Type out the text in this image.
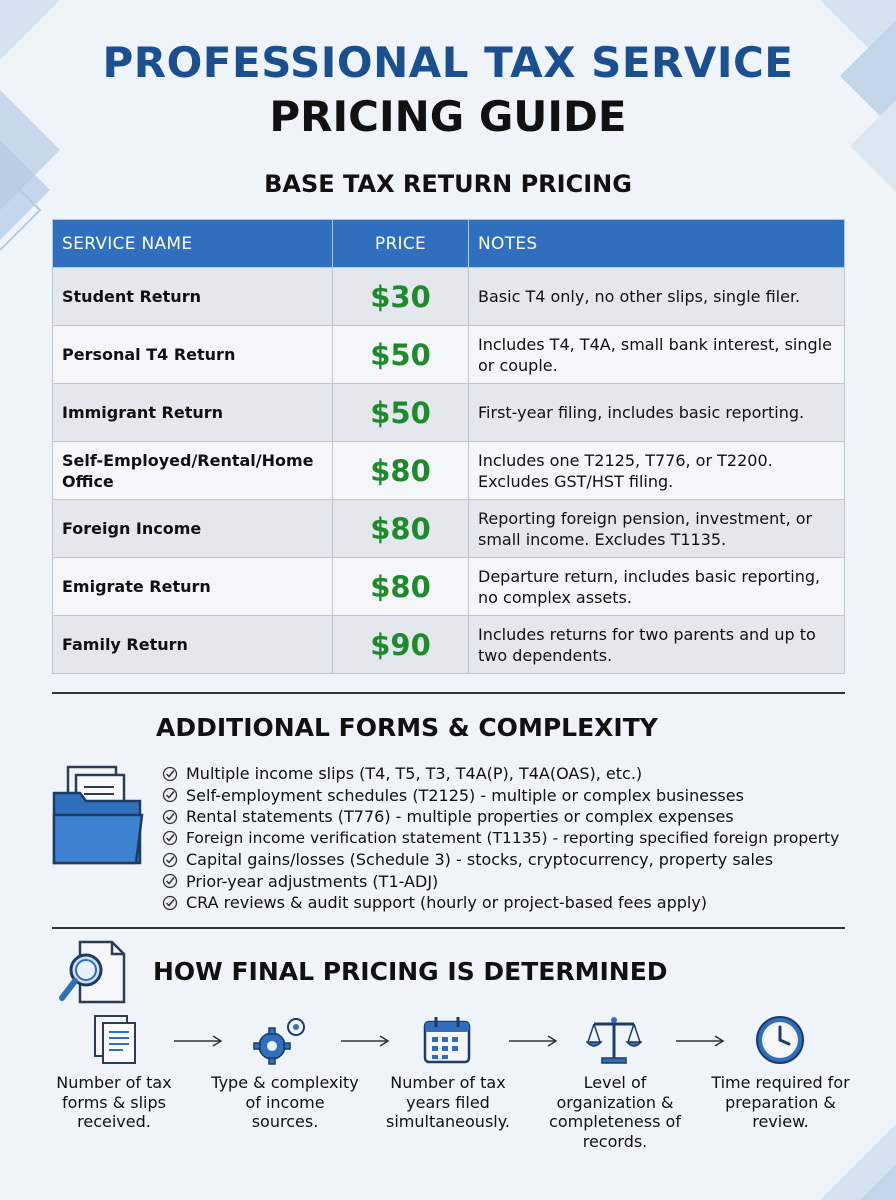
PROFESSIONAL TAX SERVICE
PRICING GUIDE
BASE TAX RETURN PRICING
SERVICE NAME	PRICE	NOTES
Student Return	$30	Basic T4 only, no other slips, single filer.
Personal T4 Return	$50	Includes T4, T4A, small bank interest, single or couple.
Immigrant Return	$50	First-year filing, includes basic reporting.
Self-Employed/Rental/Home Office	$80	Includes one T2125, T776, or T2200. Excludes GST/HST filing.
Foreign Income	$80	Reporting foreign pension, investment, or small income. Excludes T1135.
Emigrate Return	$80	Departure return, includes basic reporting, no complex assets.
Family Return	$90	Includes returns for two parents and up to two dependents.
ADDITIONAL FORMS & COMPLEXITY
Multiple income slips (T4, T5, T3, T4A(P), T4A(OAS), etc.)
Self-employment schedules (T2125) - multiple or complex businesses
Rental statements (T776) - multiple properties or complex expenses
Foreign income verification statement (T1135) - reporting specified foreign property
Capital gains/losses (Schedule 3) - stocks, cryptocurrency, property sales
Prior-year adjustments (T1-ADJ)
CRA reviews & audit support (hourly or project-based fees apply)
HOW FINAL PRICING IS DETERMINED
Number of tax forms & slips received.
Type & complexity of income sources.
Number of tax years filed simultaneously.
Level of organization & completeness of records.
Time required for preparation & review.
